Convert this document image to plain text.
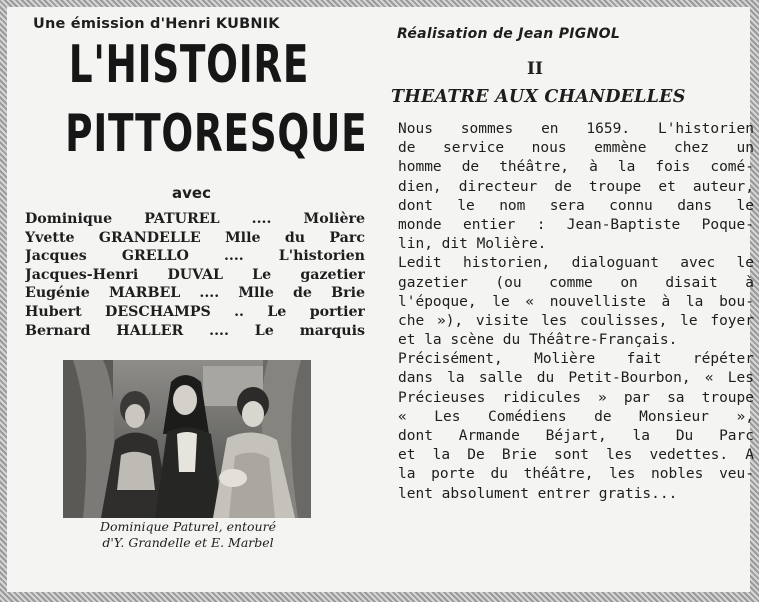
Une émission d'Henri KUBNIK
L'HISTOIRE
PITTORESQUE
avec
Dominique PATUREL .... Molière
Yvette GRANDELLE Mlle du Parc
Jacques GRELLO .... L'historien
Jacques-Henri DUVAL Le gazetier
Eugénie MARBEL .... Mlle de Brie
Hubert DESCHAMPS .. Le portier
Bernard HALLER .... Le marquis
Dominique Paturel, entouré
d'Y. Grandelle et E. Marbel
Réalisation de Jean PIGNOL
II
THEATRE AUX CHANDELLES
Nous sommes en 1659. L'historien
de service nous emmène chez un
homme de théâtre, à la fois comé-
dien, directeur de troupe et auteur,
dont le nom sera connu dans le
monde entier : Jean-Baptiste Poque-
lin, dit Molière.
Ledit historien, dialoguant avec le
gazetier (ou comme on disait à
l'époque, le « nouvelliste à la bou-
che »), visite les coulisses, le foyer
et la scène du Théâtre-Français.
Précisément, Molière fait répéter
dans la salle du Petit-Bourbon, « Les
Précieuses ridicules » par sa troupe
« Les Comédiens de Monsieur »,
dont Armande Béjart, la Du Parc
et la De Brie sont les vedettes. A
la porte du théâtre, les nobles veu-
lent absolument entrer gratis...
